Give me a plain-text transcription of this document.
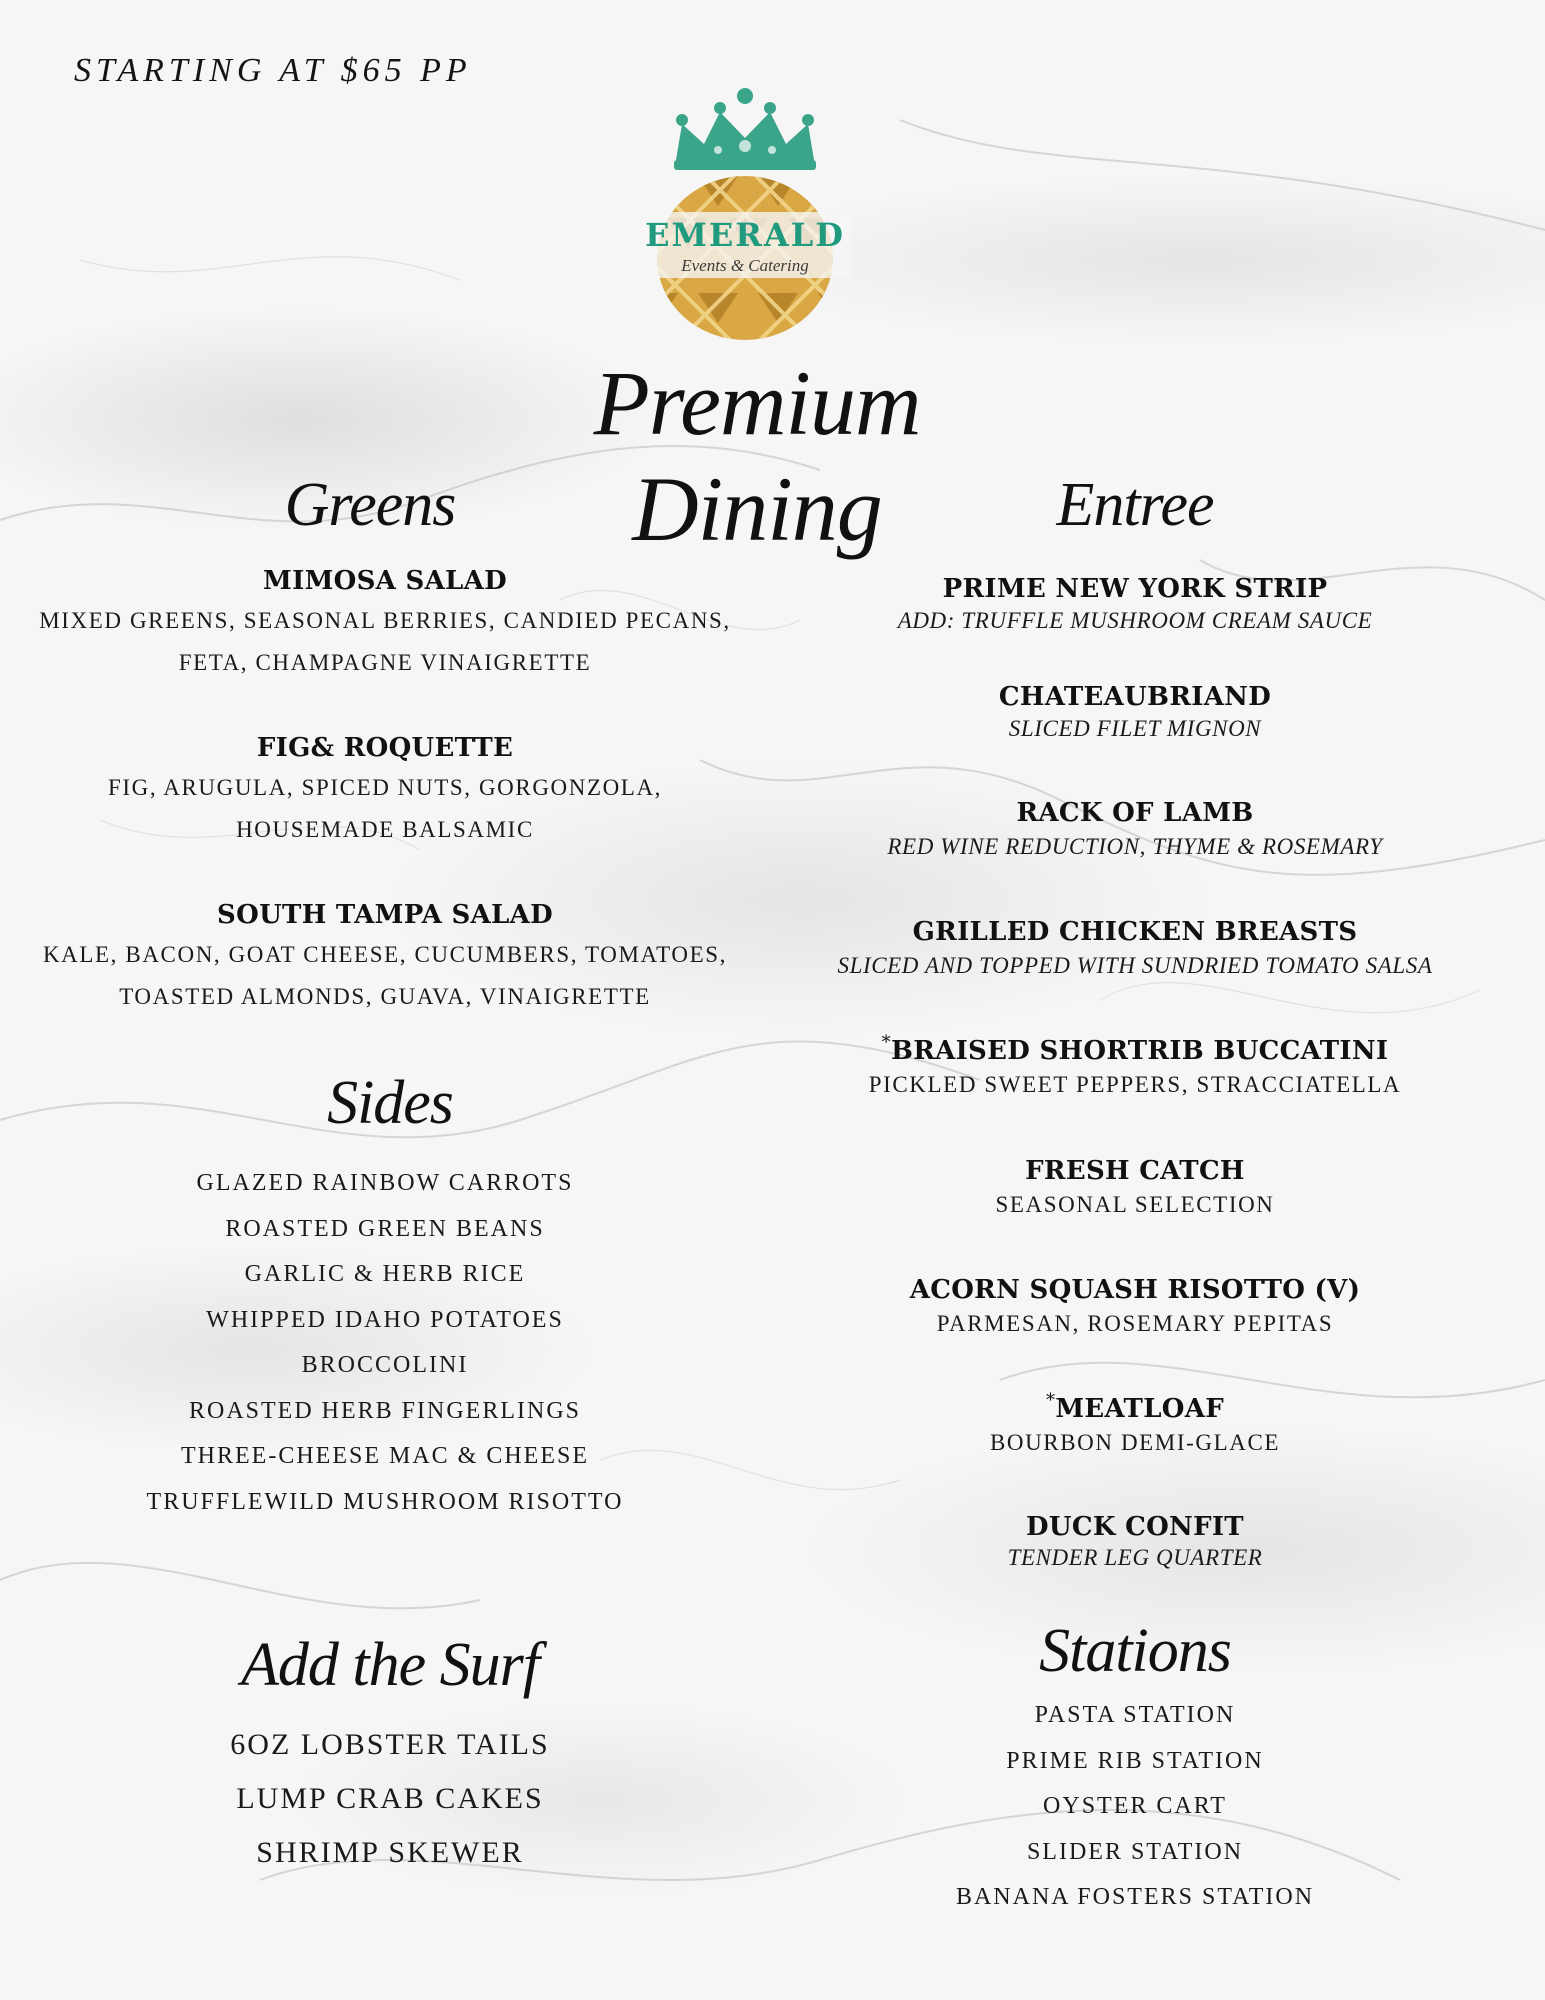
STARTING AT $65 PP
EMERALD
Events & Catering
Premium Dining
Greens
MIMOSA SALAD
MIXED GREENS, SEASONAL BERRIES, CANDIED PECANS,
FETA, CHAMPAGNE VINAIGRETTE
FIG& ROQUETTE
FIG, ARUGULA, SPICED NUTS, GORGONZOLA,
HOUSEMADE BALSAMIC
SOUTH TAMPA SALAD
KALE, BACON, GOAT CHEESE, CUCUMBERS, TOMATOES,
TOASTED ALMONDS, GUAVA, VINAIGRETTE
Sides
GLAZED RAINBOW CARROTS
ROASTED GREEN BEANS
GARLIC & HERB RICE
WHIPPED IDAHO POTATOES
BROCCOLINI
ROASTED HERB FINGERLINGS
THREE-CHEESE MAC & CHEESE
TRUFFLEWILD MUSHROOM RISOTTO
Add the Surf
6OZ LOBSTER TAILS
LUMP CRAB CAKES
SHRIMP SKEWER
Entree
PRIME NEW YORK STRIP
ADD: TRUFFLE MUSHROOM CREAM SAUCE
CHATEAUBRIAND
SLICED FILET MIGNON
RACK OF LAMB
RED WINE REDUCTION, THYME & ROSEMARY
GRILLED CHICKEN BREASTS
SLICED AND TOPPED WITH SUNDRIED TOMATO SALSA
*BRAISED SHORTRIB BUCCATINI
PICKLED SWEET PEPPERS, STRACCIATELLA
FRESH CATCH
SEASONAL SELECTION
ACORN SQUASH RISOTTO (V)
PARMESAN, ROSEMARY PEPITAS
*MEATLOAF
BOURBON DEMI-GLACE
DUCK CONFIT
TENDER LEG QUARTER
Stations
PASTA STATION
PRIME RIB STATION
OYSTER CART
SLIDER STATION
BANANA FOSTERS STATION
